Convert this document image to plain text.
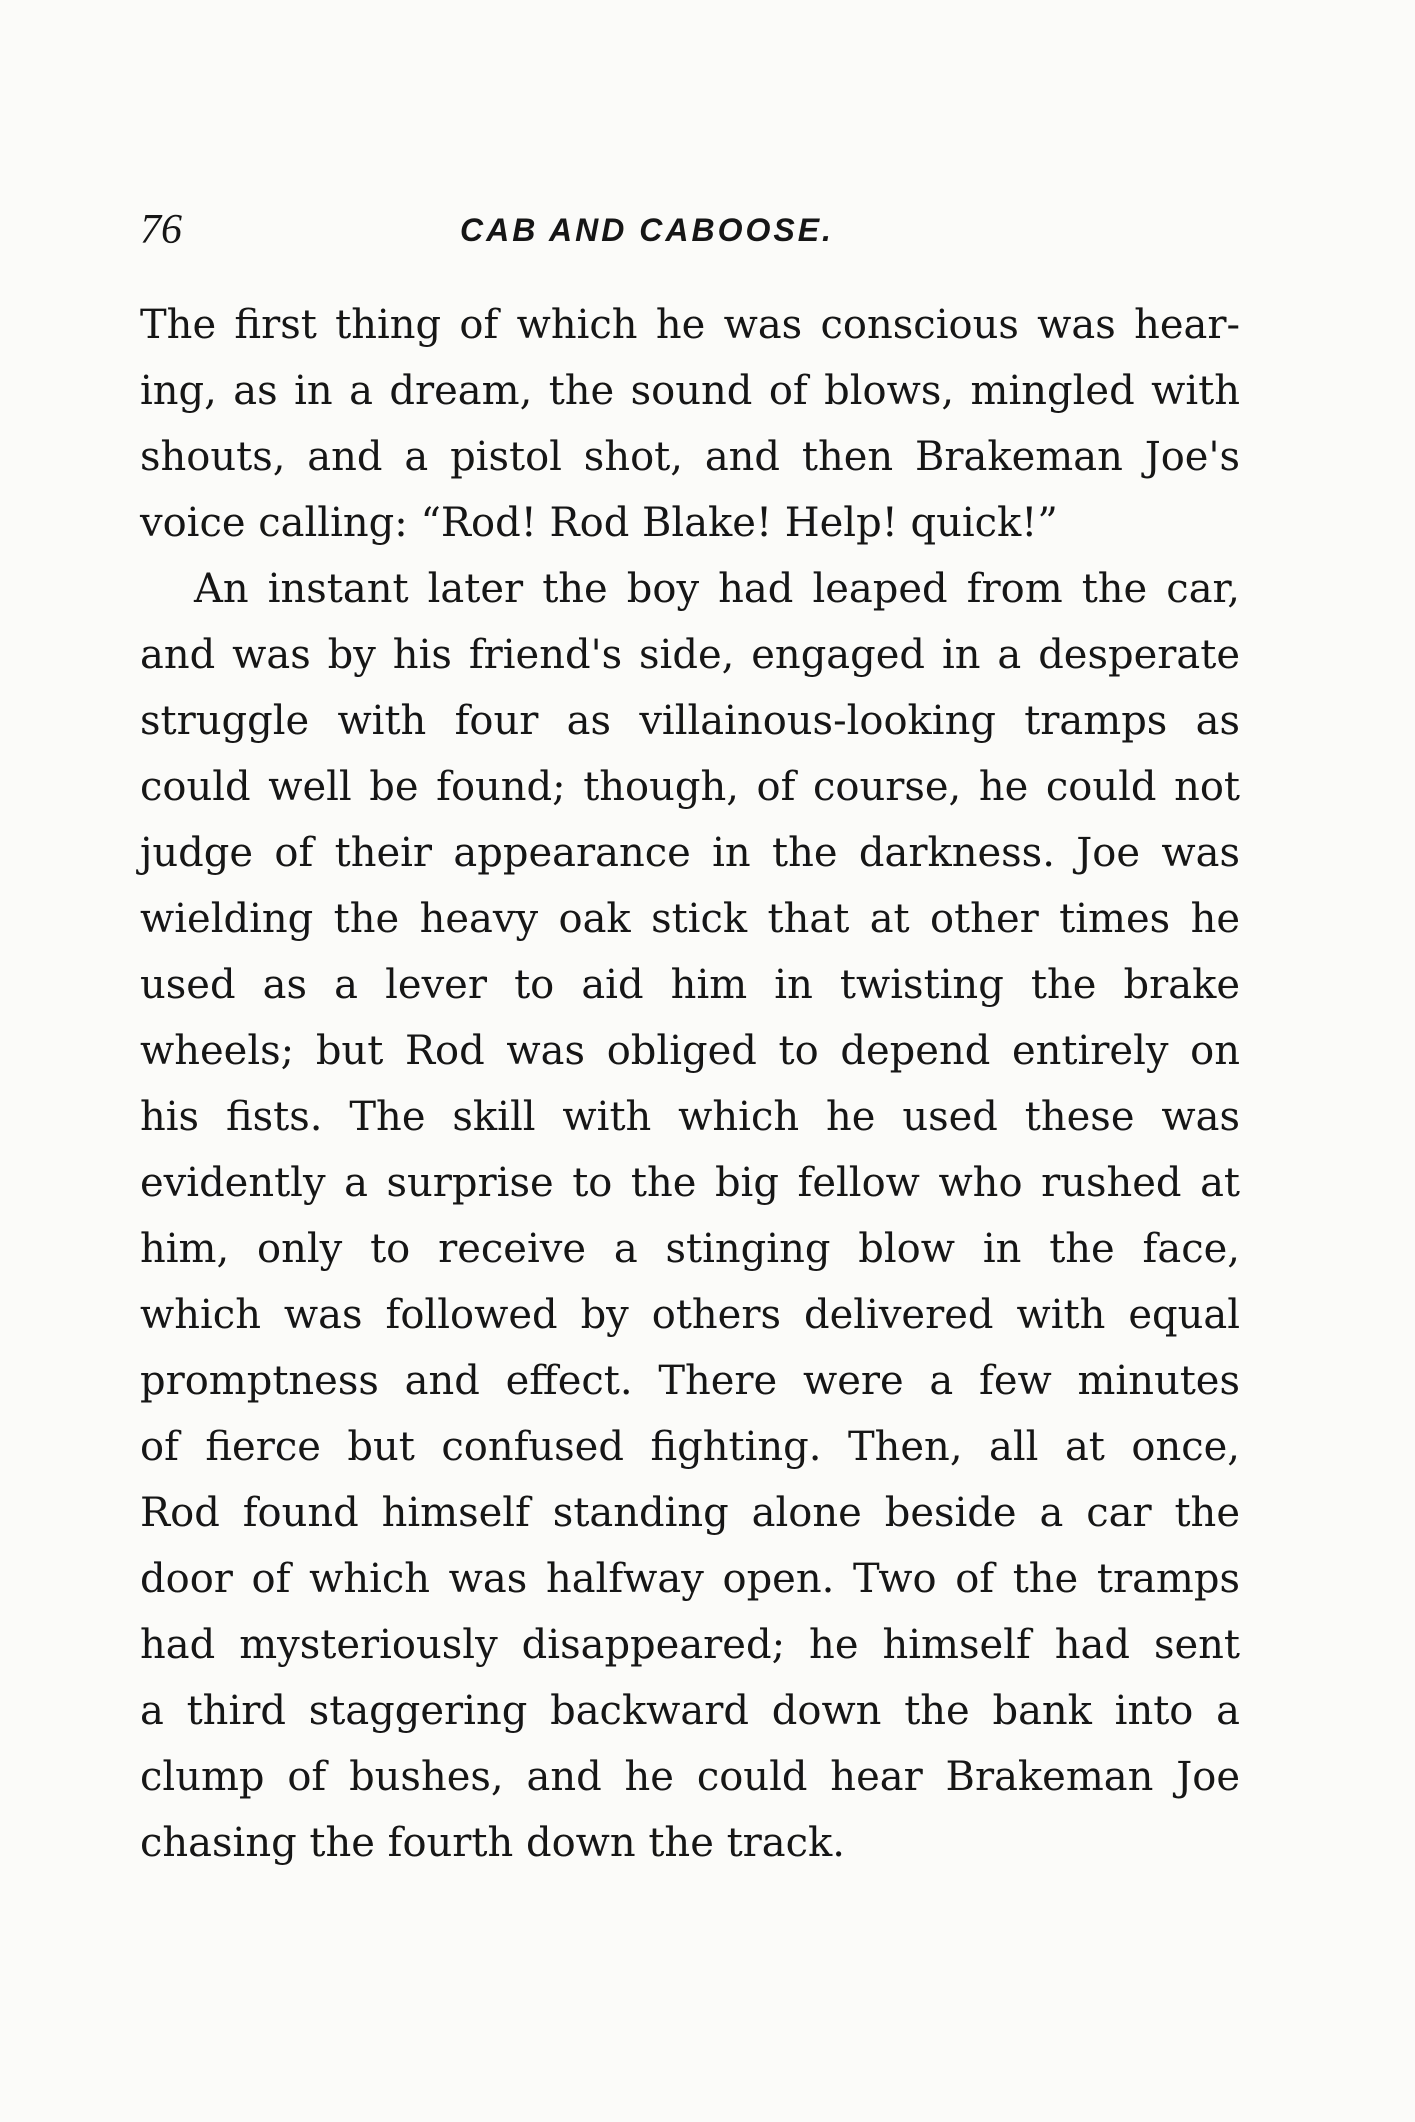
76	CAB AND CABOOSE.
The first thing of which he was conscious was hear-
ing, as in a dream, the sound of blows, mingled with
shouts, and a pistol shot, and then Brakeman Joe's
voice calling: “Rod! Rod Blake! Help! quick!”
An instant later the boy had leaped from the car,
and was by his friend's side, engaged in a desperate
struggle with four as villainous-looking tramps as
could well be found; though, of course, he could not
judge of their appearance in the darkness. Joe was
wielding the heavy oak stick that at other times he
used as a lever to aid him in twisting the brake
wheels; but Rod was obliged to depend entirely on
his fists. The skill with which he used these was
evidently a surprise to the big fellow who rushed at
him, only to receive a stinging blow in the face,
which was followed by others delivered with equal
promptness and effect. There were a few minutes
of fierce but confused fighting. Then, all at once,
Rod found himself standing alone beside a car the
door of which was halfway open. Two of the tramps
had mysteriously disappeared; he himself had sent
a third staggering backward down the bank into a
clump of bushes, and he could hear Brakeman Joe
chasing the fourth down the track.
